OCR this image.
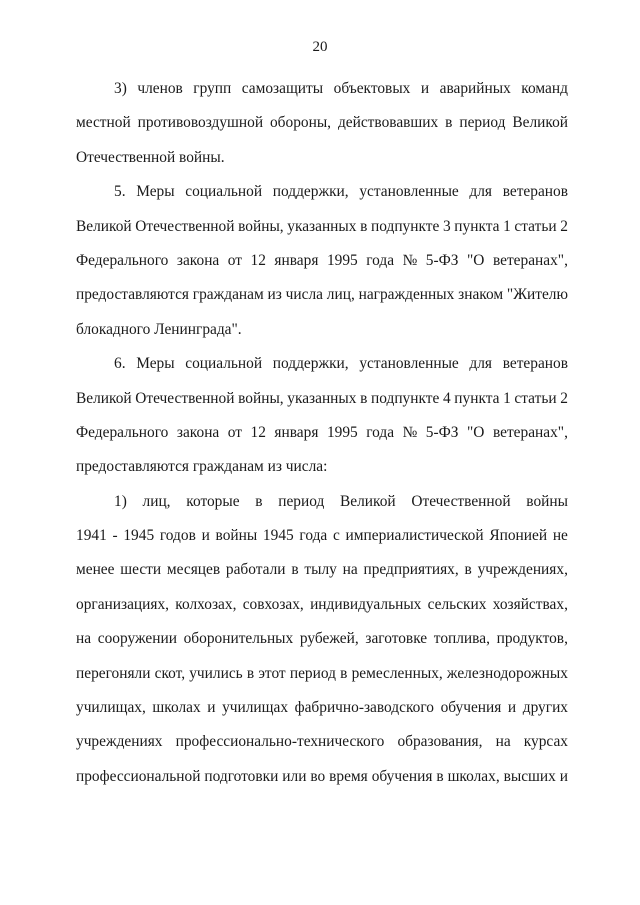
20
3) членов групп самозащиты объектовых и аварийных команд
местной противовоздушной обороны, действовавших в период Великой
Отечественной войны.
5. Меры социальной поддержки, установленные для ветеранов
Великой Отечественной войны, указанных в подпункте 3 пункта 1 статьи 2
Федерального закона от 12 января 1995 года № 5-ФЗ "О ветеранах",
предоставляются гражданам из числа лиц, награжденных знаком "Жителю
блокадного Ленинграда".
6. Меры социальной поддержки, установленные для ветеранов
Великой Отечественной войны, указанных в подпункте 4 пункта 1 статьи 2
Федерального закона от 12 января 1995 года № 5-ФЗ "О ветеранах",
предоставляются гражданам из числа:
1) лиц, которые в период Великой Отечественной войны
1941 - 1945 годов и войны 1945 года с империалистической Японией не
менее шести месяцев работали в тылу на предприятиях, в учреждениях,
организациях, колхозах, совхозах, индивидуальных сельских хозяйствах,
на сооружении оборонительных рубежей, заготовке топлива, продуктов,
перегоняли скот, учились в этот период в ремесленных, железнодорожных
училищах, школах и училищах фабрично-заводского обучения и других
учреждениях профессионально-технического образования, на курсах
профессиональной подготовки или во время обучения в школах, высших и
